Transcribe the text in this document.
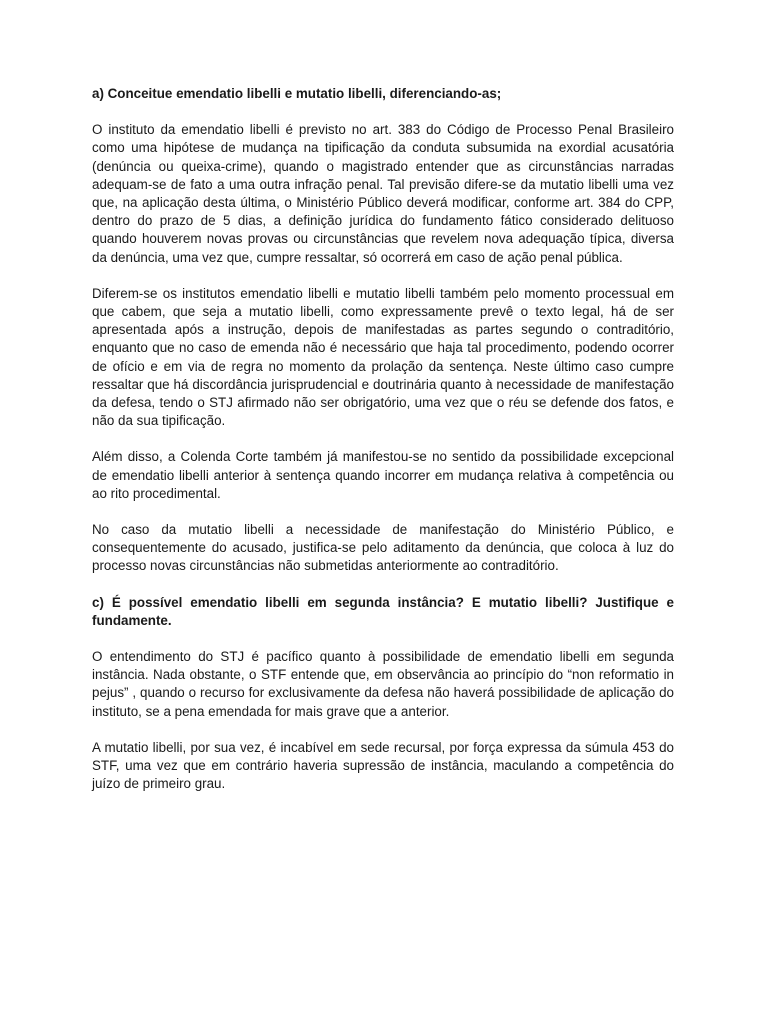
a) Conceitue emendatio libelli e mutatio libelli, diferenciando-as;

O instituto da emendatio libelli é previsto no art. 383 do Código de Processo Penal Brasileiro como uma hipótese de mudança na tipificação da conduta subsumida na exordial acusatória (denúncia ou queixa-crime), quando o magistrado entender que as circunstâncias narradas adequam-se de fato a uma outra infração penal. Tal previsão difere-se da mutatio libelli uma vez que, na aplicação desta última, o Ministério Público deverá modificar, conforme art. 384 do CPP, dentro do prazo de 5 dias, a definição jurídica do fundamento fático considerado delituoso quando houverem novas provas ou circunstâncias que revelem nova adequação típica, diversa da denúncia, uma vez que, cumpre ressaltar, só ocorrerá em caso de ação penal pública.

Diferem-se os institutos emendatio libelli e mutatio libelli também pelo momento processual em que cabem, que seja a mutatio libelli, como expressamente prevê o texto legal, há de ser apresentada após a instrução, depois de manifestadas as partes segundo o contraditório, enquanto que no caso de emenda não é necessário que haja tal procedimento, podendo ocorrer de ofício e em via de regra no momento da prolação da sentença. Neste último caso cumpre ressaltar que há discordância jurisprudencial e doutrinária quanto à necessidade de manifestação da defesa, tendo o STJ afirmado não ser obrigatório, uma vez que o réu se defende dos fatos, e não da sua tipificação.

Além disso, a Colenda Corte também já manifestou-se no sentido da possibilidade excepcional de emendatio libelli anterior à sentença quando incorrer em mudança relativa à competência ou ao rito procedimental.

No caso da mutatio libelli a necessidade de manifestação do Ministério Público, e consequentemente do acusado, justifica-se pelo aditamento da denúncia, que coloca à luz do processo novas circunstâncias não submetidas anteriormente ao contraditório.

c) É possível emendatio libelli em segunda instância? E mutatio libelli? Justifique e fundamente.

O entendimento do STJ é pacífico quanto à possibilidade de emendatio libelli em segunda instância. Nada obstante, o STF entende que, em observância ao princípio do “non reformatio in pejus” , quando o recurso for exclusivamente da defesa não haverá possibilidade de aplicação do instituto, se a pena emendada for mais grave que a anterior.

A mutatio libelli, por sua vez, é incabível em sede recursal, por força expressa da súmula 453 do STF, uma vez que em contrário haveria supressão de instância, maculando a competência do juízo de primeiro grau.
